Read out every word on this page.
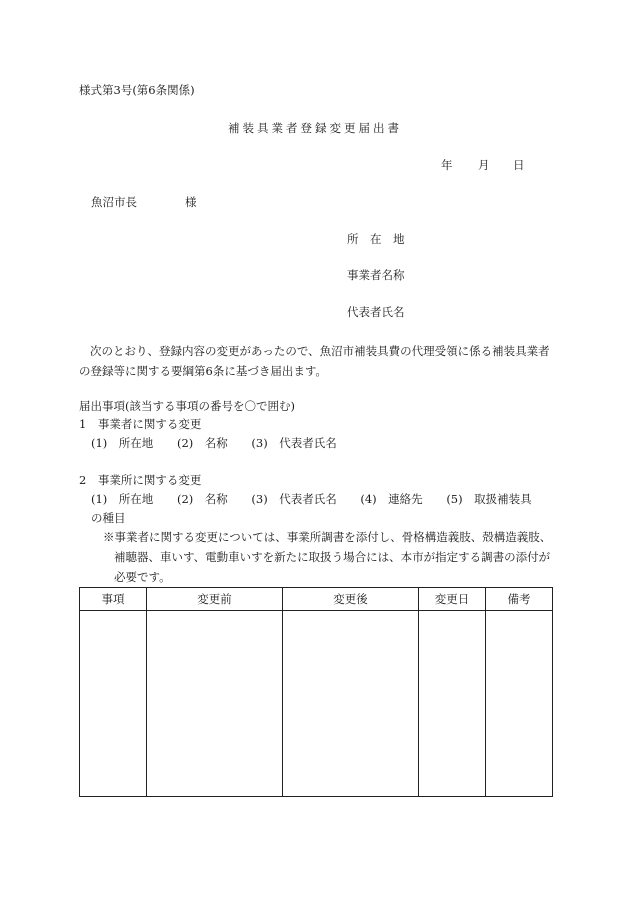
様式第3号(第6条関係)
補装具業者登録変更届出書
年 月 日
魚沼市長	様
所　在　地
事業者名称
代表者氏名
次のとおり、登録内容の変更があったので、魚沼市補装具費の代理受領に係る補装具業者の登録等に関する要綱第6条に基づき届出ます。
届出事項(該当する事項の番号を〇で囲む)
1　事業者に関する変更
(1)　所在地 (2)　名称 (3)　代表者氏名
2　事業所に関する変更
(1)　所在地 (2)　名称 (3)　代表者氏名 (4)　連絡先 (5)　取扱補装具
の種目
※事業者に関する変更については、事業所調書を添付し、骨格構造義肢、殻構造義肢、補聴器、車いす、電動車いすを新たに取扱う場合には、本市が指定する調書の添付が必要です。
事項	変更前	変更後	変更日	備考
